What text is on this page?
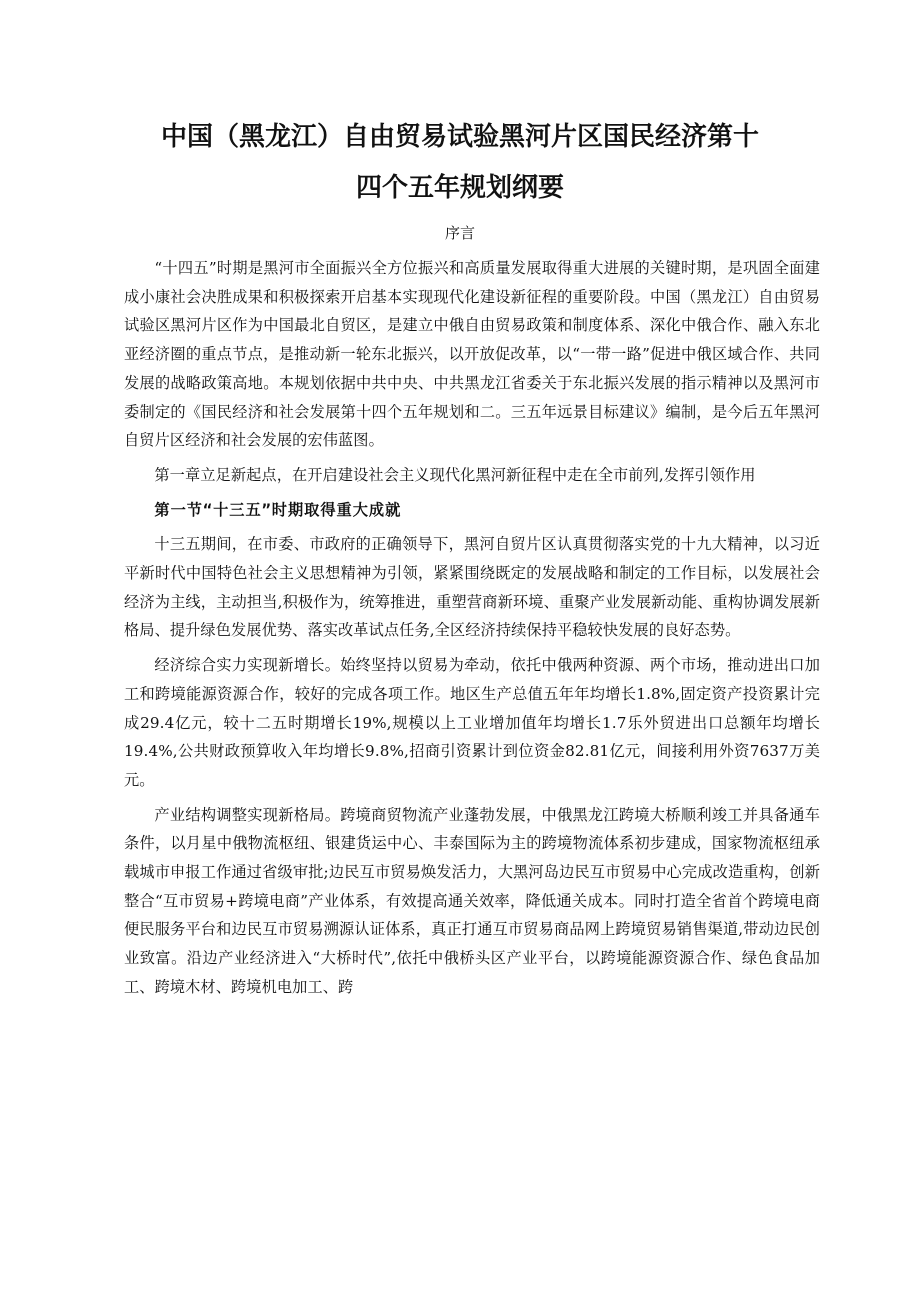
中国（黑龙江）自由贸易试验黑河片区国民经济第十
四个五年规划纲要
序言

“十四五”时期是黑河市全面振兴全方位振兴和高质量发展取得重大进展的关键时期，是巩固全面建成小康社会决胜成果和积极探索开启基本实现现代化建设新征程的重要阶段。中国（黑龙江）自由贸易试验区黑河片区作为中国最北自贸区，是建立中俄自由贸易政策和制度体系、深化中俄合作、融入东北亚经济圈的重点节点，是推动新一轮东北振兴，以开放促改革，以“一带一路”促进中俄区域合作、共同发展的战略政策高地。本规划依据中共中央、中共黑龙江省委关于东北振兴发展的指示精神以及黑河市委制定的《国民经济和社会发展第十四个五年规划和二。三五年远景目标建议》编制，是今后五年黑河自贸片区经济和社会发展的宏伟蓝图。

第一章立足新起点，在开启建设社会主义现代化黑河新征程中走在全市前列,发挥引领作用

第一节“十三五”时期取得重大成就

十三五期间，在市委、市政府的正确领导下，黑河自贸片区认真贯彻落实党的十九大精神，以习近平新时代中国特色社会主义思想精神为引领，紧紧围绕既定的发展战略和制定的工作目标，以发展社会经济为主线，主动担当,积极作为，统筹推进，重塑营商新环境、重聚产业发展新动能、重构协调发展新格局、提升绿色发展优势、落实改革试点任务,全区经济持续保持平稳较快发展的良好态势。

经济综合实力实现新增长。始终坚持以贸易为牵动，依托中俄两种资源、两个市场，推动进出口加工和跨境能源资源合作，较好的完成各项工作。地区生产总值五年年均增长1.8%,固定资产投资累计完成29.4亿元，较十二五时期增长19%,规模以上工业增加值年均增长1.7乐外贸进出口总额年均增长19.4%,公共财政预算收入年均增长9.8%,招商引资累计到位资金82.81亿元，间接利用外资7637万美元。

产业结构调整实现新格局。跨境商贸物流产业蓬勃发展，中俄黑龙江跨境大桥顺利竣工并具备通车条件，以月星中俄物流枢纽、银建货运中心、丰泰国际为主的跨境物流体系初步建成，国家物流枢纽承载城市申报工作通过省级审批;边民互市贸易焕发活力，大黑河岛边民互市贸易中心完成改造重构，创新整合“互市贸易+跨境电商”产业体系，有效提高通关效率，降低通关成本。同时打造全省首个跨境电商便民服务平台和边民互市贸易溯源认证体系，真正打通互市贸易商品网上跨境贸易销售渠道,带动边民创业致富。沿边产业经济进入“大桥时代”,依托中俄桥头区产业平台，以跨境能源资源合作、绿色食品加工、跨境木材、跨境机电加工、跨
